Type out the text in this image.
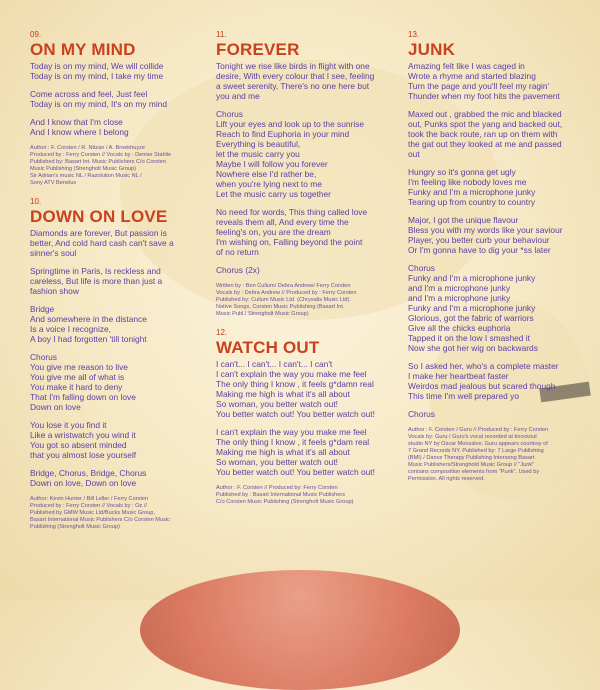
09.
ON MY MIND
Today is on my mind, We will collide
Today is on my mind, I take my time
Come across and feel, Just feel
Today is on my mind, It's on my mind
And I know that I'm close
And I know where I belong
Author : F. Corsten / R. Nitzan / A. Broekhuyze
Produced by : Ferry Corsten // Vocals by : Denise Stahlie
Published by: Basart Int. Music Publishers C/o Corsten
Music Publishing (Strengholt Music Group)
Sir Adrian's music NL / Razolution Music NL /
Sony ATV Benelux
10.
DOWN ON LOVE
Diamonds are forever, But passion is
better, And cold hard cash can't save a
sinner's soul
Springtime in Paris, Is reckless and
careless, But life is more than just a
fashion show
Bridge
And somewhere in the distance
Is a voice I recognize,
A boy I had forgotten 'till tonight
Chorus
You give me reason to live
You give me all of what is
You make it hard to deny
That I'm falling down on love
Down on love
You lose it you find it
Like a wristwatch you wind it
You got so absent minded
that you almost lose yourself
Bridge, Chorus, Bridge, Chorus
Down on love, Down on love
Author: Kevin Hunter / Bill Leller / Ferry Corsten
Produced by : Ferry Corsten // Vocals by : Oz //
Published by GMW Music Ltd/Bucks Music Group,
Basart International Music Publishers C/o Corsten Music
Publishing (Strengholt Music Group)
11.
FOREVER
Tonight we rise like birds in flight with one
desire, With every colour that I see, feeling
a sweet serenity, There's no one here but
you and me
Chorus
Lift your eyes and look up to the sunrise
Reach to find Euphoria in your mind
Everything is beautiful,
let the music carry you
Maybe I will follow you forever
Nowhere else I'd rather be,
when you're lying next to me
Let the music carry us together
No need for words, This thing called love
reveals them all, And every time the
feeling's on, you are the dream
I'm wishing on, Falling beyond the point
of no return
Chorus (2x)
Written by : Ben Cullum/ Debra Andrew/ Ferry Corsten
Vocals by : Debra Andrew // Produced by : Ferry Corsten
Published by: Cullum Music Ltd. (Chrysalis Music Ltd).
Native Songs, Corsten Music Publishing (Basart Int.
Music Publ./ Strengholt Music Group)
12.
WATCH OUT
I can't... I can't... I can't... I can't
I can't explain the way you make me feel
The only thing I know , it feels g*damn real
Making me high is what it's all about
So woman, you better watch out!
You better watch out! You better watch out!
I can't explain the way you make me feel
The only thing I know , it feels g*dam real
Making me high is what it's all about
So woman, you better watch out!
You better watch out! You better watch out!
Author : F. Corsten // Produced by: Ferry Corsten
Published by : Basart International Music Publishers
C/o Corsten Music Publishing (Strengholt Music Group)
13.
JUNK
Amazing felt like I was caged in
Wrote a rhyme and started blazing
Turn the page and you'll feel my ragin'
Thunder when my foot hits the pavement
Maxed out , grabbed the mic and blacked
out, Punks spot the yang and backed out,
took the back route, ran up on them with
the gat out they looked at me and passed
out
Hungry so it's gonna get ugly
I'm feeling like nobody loves me
Funky and I'm a microphone junky
Tearing up from country to country
Major, I got the unique flavour
Bless you with my words like your saviour
Player, you better curb your behaviour
Or I'm gonna have to dig your *ss later
Chorus
Funky and I'm a microphone junky
and I'm a microphone junky
and I'm a microphone junky
Funky and I'm a microphone junky
Glorious, got the fabric of warriors
Give all the chicks euphoria
Tapped it on the low I smashed it
Now she got her wig on backwards
So I asked her, who's a complete master
I make her heartbeat faster
Weirdos mad jealous but scared though
This time I'm well prepared yo
Chorus
Author : F. Corsten / Guru // Produced by : Ferry Corsten
Vocals by: Guru / Guru's vocal recorded at knockout
studio NY by Oscar Monsalve. Guru appears courtesy of
7 Grand Records NY. Published by: 7 Large Publishing
(BMI) / Dance Therapy Publishing Intersong Basart
Music Publishers/Strenghold Music Group // "Junk"
contains composition elements from "Punk". Used by
Permission. All rights reserved.
